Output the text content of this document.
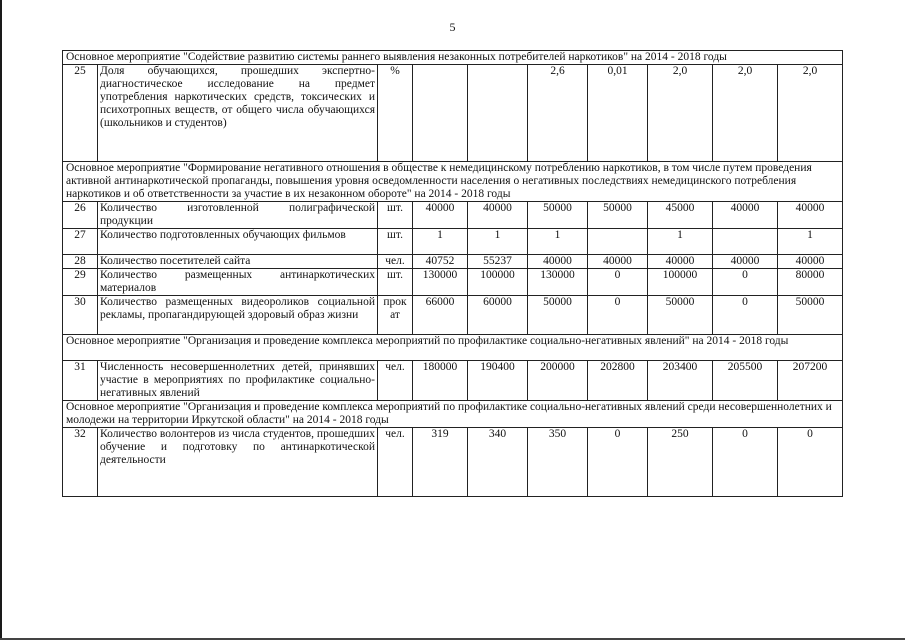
5
Основное мероприятие "Содействие развитию системы раннего выявления незаконных потребителей наркотиков" на 2014 - 2018 годы									
25	Доля обучающихся, прошедших экспертно-диагностическое исследование на предмет употребления наркотических средств, токсических и психотропных веществ, от общего числа обучающихся (школьников и студентов)	%			2,6	0,01	2,0	2,0	2,0
Основное мероприятие "Формирование негативного отношения в обществе к немедицинскому потреблению наркотиков, в том числе путем проведения активной антинаркотической пропаганды, повышения уровня осведомленности населения о негативных последствиях немедицинского потребления наркотиков и об ответственности за участие в их незаконном обороте" на 2014 - 2018 годы									
26	Количество изготовленной полиграфической продукции	шт.	40000	40000	50000	50000	45000	40000	40000
27	Количество подготовленных обучающих фильмов	шт.	1	1	1		1		1
28	Количество посетителей сайта	чел.	40752	55237	40000	40000	40000	40000	40000
29	Количество размещенных антинаркотических материалов	шт.	130000	100000	130000	0	100000	0	80000
30	Количество размещенных видеороликов социальной рекламы, пропагандирующей здоровый образ жизни	прок ат	66000	60000	50000	0	50000	0	50000
Основное мероприятие "Организация и проведение комплекса мероприятий по профилактике социально-негативных явлений" на 2014 - 2018 годы									
31	Численность несовершеннолетних детей, принявших участие в мероприятиях по профилактике социально-негативных явлений	чел.	180000	190400	200000	202800	203400	205500	207200
Основное мероприятие "Организация и проведение комплекса мероприятий по профилактике социально-негативных явлений среди несовершеннолетних и молодежи на территории Иркутской области" на 2014 - 2018 годы									
32	Количество волонтеров из числа студентов, прошедших обучение и подготовку по антинаркотической деятельности	чел.	319	340	350	0	250	0	0
